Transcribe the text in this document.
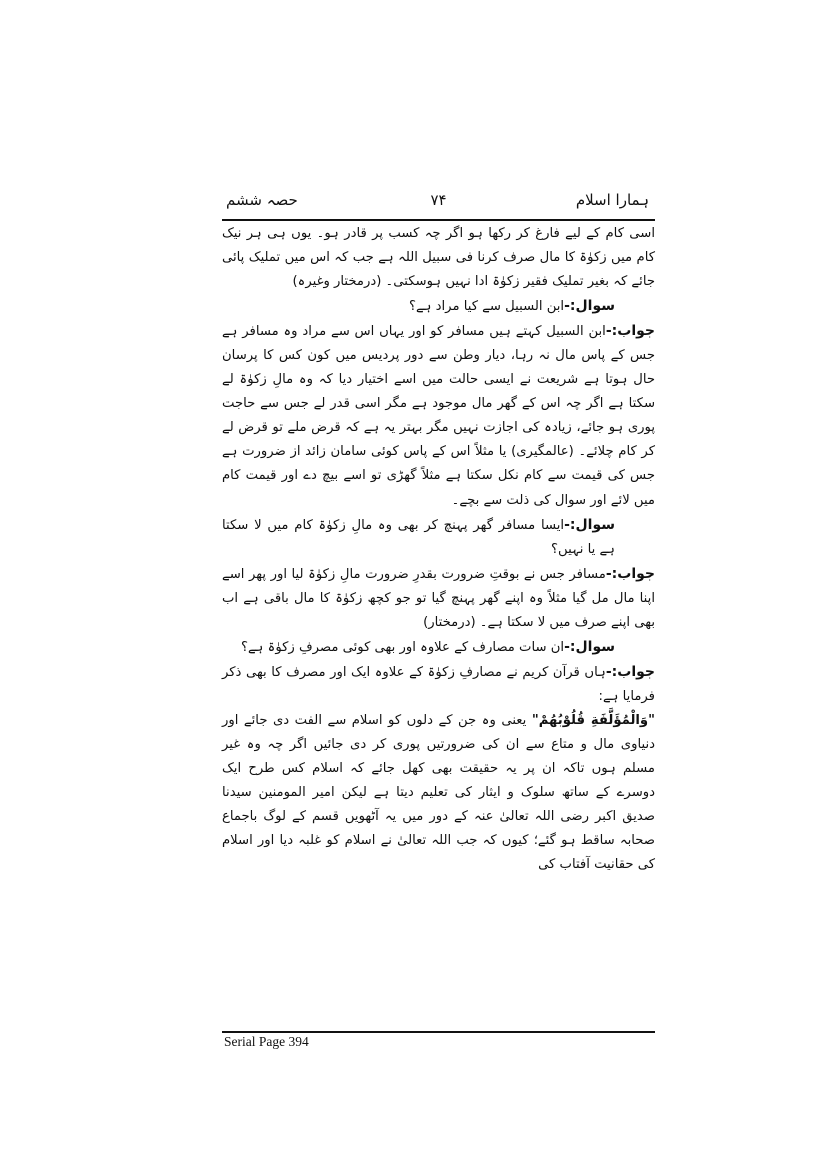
ہمارا اسلام
۷۴
حصہ ششم

اسی کام کے لیے فارغ کر رکھا ہو اگر چہ کسب پر قادر ہو۔ یوں ہی ہر نیک کام میں زکوٰۃ کا مال صرف کرنا فی سبیل اللہ ہے جب کہ اس میں تملیک پائی جائے کہ بغیر تملیک فقیر زکوٰۃ ادا نہیں ہوسکتی۔ (درمختار وغیرہ)

سوال:-ابن السبیل سے کیا مراد ہے؟

جواب:-ابن السبیل کہتے ہیں مسافر کو اور یہاں اس سے مراد وہ مسافر ہے جس کے پاس مال نہ رہا، دیار وطن سے دور پردیس میں کون کس کا پرسان حال ہوتا ہے شریعت نے ایسی حالت میں اسے اختیار دیا کہ وہ مالِ زکوٰۃ لے سکتا ہے اگر چہ اس کے گھر مال موجود ہے مگر اسی قدر لے جس سے حاجت پوری ہو جائے، زیادہ کی اجازت نہیں مگر بہتر یہ ہے کہ قرض ملے تو قرض لے کر کام چلائے۔ (عالمگیری) یا مثلاً اس کے پاس کوئی سامان زائد از ضرورت ہے جس کی قیمت سے کام نکل سکتا ہے مثلاً گھڑی تو اسے بیچ دے اور قیمت کام میں لائے اور سوال کی ذلت سے بچے۔

سوال:-ایسا مسافر گھر پہنچ کر بھی وہ مالِ زکوٰۃ کام میں لا سکتا ہے یا نہیں؟

جواب:-مسافر جس نے بوقتِ ضرورت بقدرِ ضرورت مالِ زکوٰۃ لیا اور پھر اسے اپنا مال مل گیا مثلاً وہ اپنے گھر پہنچ گیا تو جو کچھ زکوٰۃ کا مال باقی ہے اب بھی اپنے صرف میں لا سکتا ہے۔ (درمختار)

سوال:-ان سات مصارف کے علاوہ اور بھی کوئی مصرفِ زکوٰۃ ہے؟

جواب:-ہاں قرآن کریم نے مصارفِ زکوٰۃ کے علاوہ ایک اور مصرف کا بھی ذکر فرمایا ہے:

"وَالْمُؤَلَّفَةِ قُلُوْبُهُمْ" یعنی وہ جن کے دلوں کو اسلام سے الفت دی جائے اور دنیاوی مال و متاع سے ان کی ضرورتیں پوری کر دی جائیں اگر چہ وہ غیر مسلم ہوں تاکہ ان پر یہ حقیقت بھی کھل جائے کہ اسلام کس طرح ایک دوسرے کے ساتھ سلوک و ایثار کی تعلیم دیتا ہے لیکن امیر المومنین سیدنا صدیق اکبر رضی اللہ تعالیٰ عنہ کے دور میں یہ آٹھویں قسم کے لوگ باجماع صحابہ ساقط ہو گئے؛ کیوں کہ جب اللہ تعالیٰ نے اسلام کو غلبہ دیا اور اسلام کی حقانیت آفتاب کی

Serial Page 394
